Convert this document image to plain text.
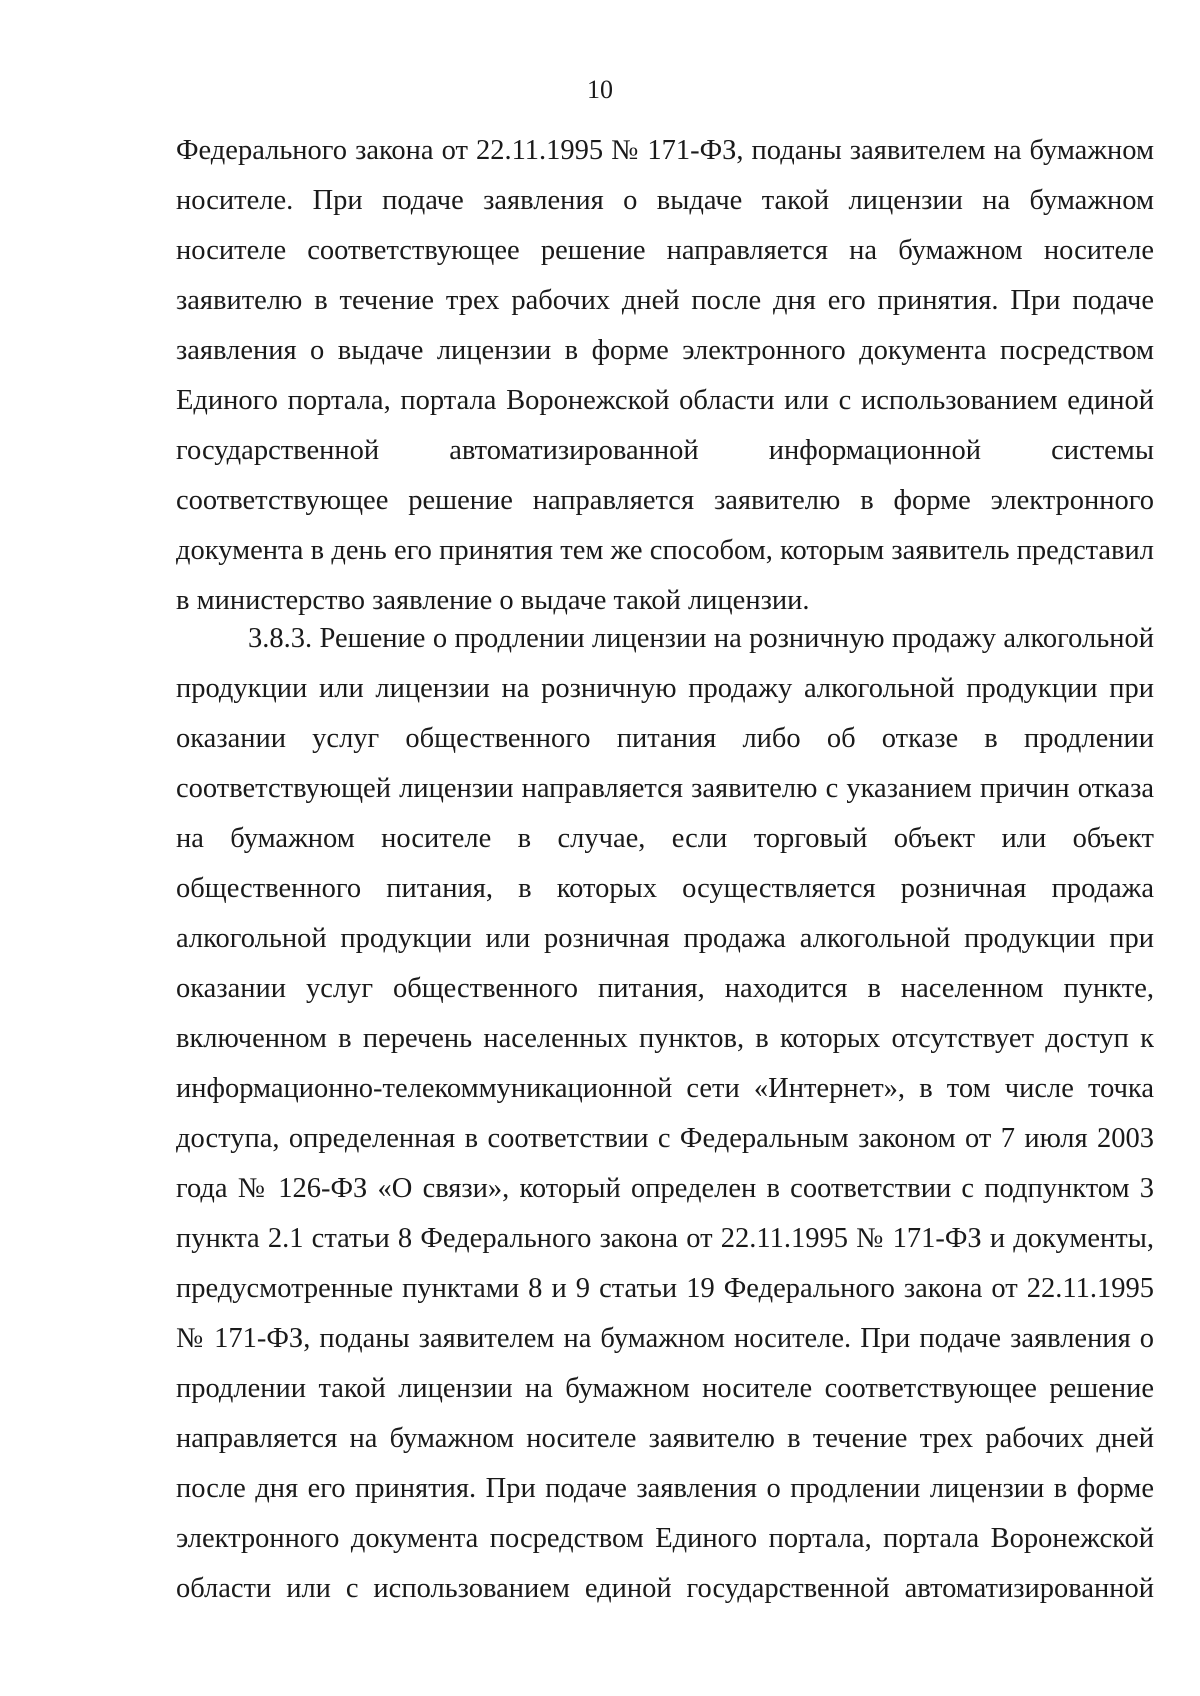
10
Федерального закона от 22.11.1995 № 171-ФЗ, поданы заявителем на бумажном
носителе. При подаче заявления о выдаче такой лицензии на бумажном
носителе соответствующее решение направляется на бумажном носителе
заявителю в течение трех рабочих дней после дня его принятия. При подаче
заявления о выдаче лицензии в форме электронного документа посредством
Единого портала, портала Воронежской области или с использованием единой
государственной автоматизированной информационной системы
соответствующее решение направляется заявителю в форме электронного
документа в день его принятия тем же способом, которым заявитель представил
в министерство заявление о выдаче такой лицензии.
3.8.3. Решение о продлении лицензии на розничную продажу алкогольной
продукции или лицензии на розничную продажу алкогольной продукции при
оказании услуг общественного питания либо об отказе в продлении
соответствующей лицензии направляется заявителю с указанием причин отказа
на бумажном носителе в случае, если торговый объект или объект
общественного питания, в которых осуществляется розничная продажа
алкогольной продукции или розничная продажа алкогольной продукции при
оказании услуг общественного питания, находится в населенном пункте,
включенном в перечень населенных пунктов, в которых отсутствует доступ к
информационно-телекоммуникационной сети «Интернет», в том числе точка
доступа, определенная в соответствии с Федеральным законом от 7 июля 2003
года № 126-ФЗ «О связи», который определен в соответствии с подпунктом 3
пункта 2.1 статьи 8 Федерального закона от 22.11.1995 № 171-ФЗ и документы,
предусмотренные пунктами 8 и 9 статьи 19 Федерального закона от 22.11.1995
№ 171-ФЗ, поданы заявителем на бумажном носителе. При подаче заявления о
продлении такой лицензии на бумажном носителе соответствующее решение
направляется на бумажном носителе заявителю в течение трех рабочих дней
после дня его принятия. При подаче заявления о продлении лицензии в форме
электронного документа посредством Единого портала, портала Воронежской
области или с использованием единой государственной автоматизированной
